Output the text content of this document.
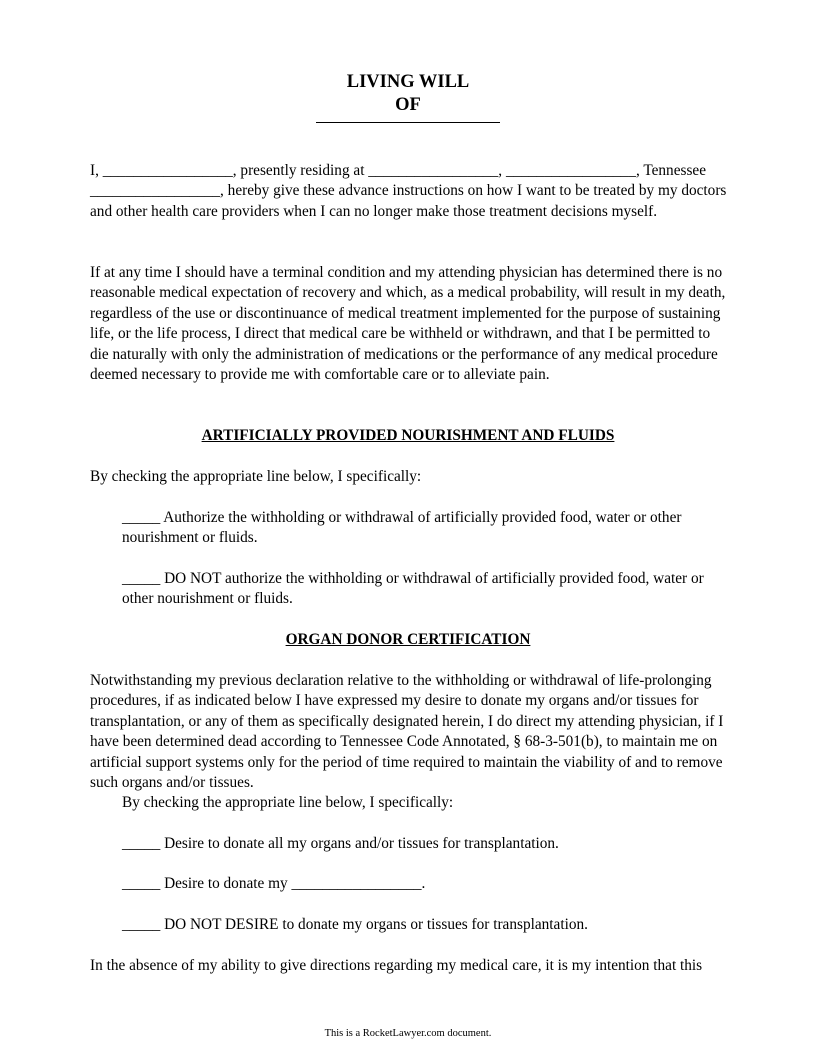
LIVING WILL
OF

I, _________________, presently residing at _________________, _________________, Tennessee _________________, hereby give these advance instructions on how I want to be treated by my doctors and other health care providers when I can no longer make those treatment decisions myself.

If at any time I should have a terminal condition and my attending physician has determined there is no reasonable medical expectation of recovery and which, as a medical probability, will result in my death, regardless of the use or discontinuance of medical treatment implemented for the purpose of sustaining life, or the life process, I direct that medical care be withheld or withdrawn, and that I be permitted to die naturally with only the administration of medications or the performance of any medical procedure deemed necessary to provide me with comfortable care or to alleviate pain.

ARTIFICIALLY PROVIDED NOURISHMENT AND FLUIDS

By checking the appropriate line below, I specifically:

_____ Authorize the withholding or withdrawal of artificially provided food, water or other nourishment or fluids.

_____ DO NOT authorize the withholding or withdrawal of artificially provided food, water or other nourishment or fluids.

ORGAN DONOR CERTIFICATION

Notwithstanding my previous declaration relative to the withholding or withdrawal of life-prolonging procedures, if as indicated below I have expressed my desire to donate my organs and/or tissues for transplantation, or any of them as specifically designated herein, I do direct my attending physician, if I have been determined dead according to Tennessee Code Annotated, § 68-3-501(b), to maintain me on artificial support systems only for the period of time required to maintain the viability of and to remove such organs and/or tissues.

By checking the appropriate line below, I specifically:

_____ Desire to donate all my organs and/or tissues for transplantation.

_____ Desire to donate my _________________.

_____ DO NOT DESIRE to donate my organs or tissues for transplantation.

In the absence of my ability to give directions regarding my medical care, it is my intention that this

This is a RocketLawyer.com document.
